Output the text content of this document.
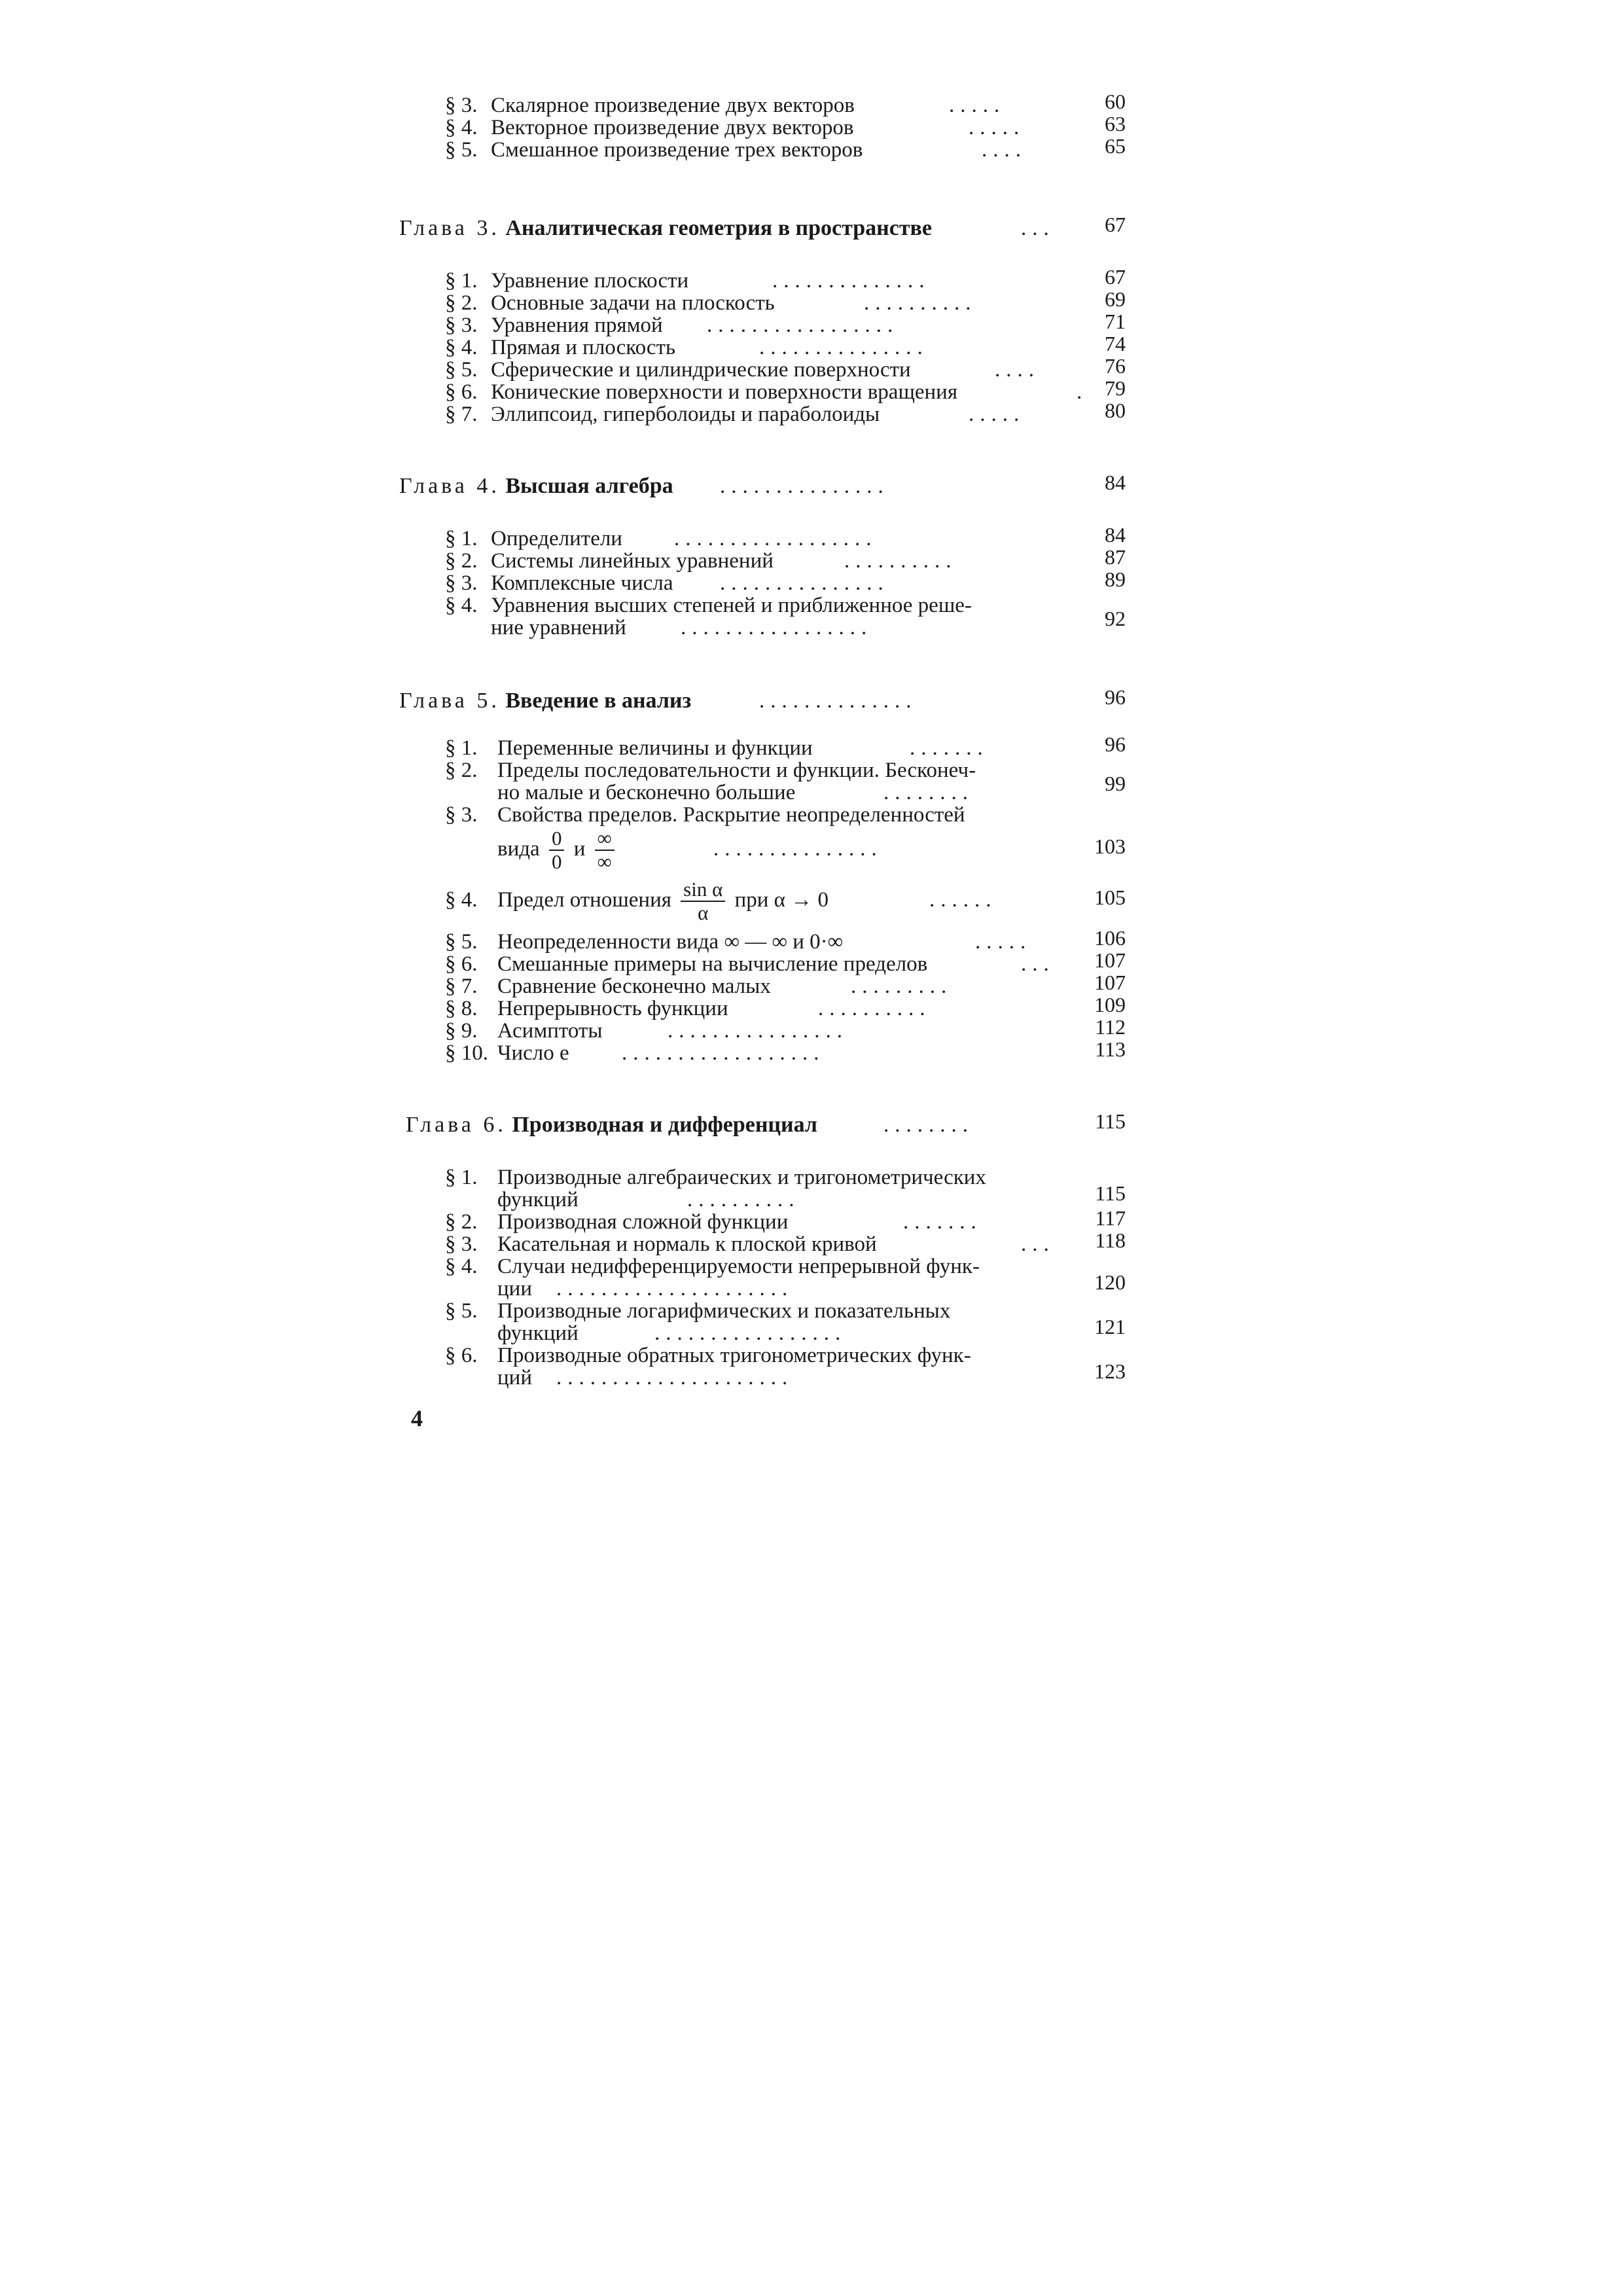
§ 3. Скалярное произведение двух векторов	.....	60
§ 4. Векторное произведение двух векторов	.....	63
§ 5. Смешанное произведение трех векторов	....	65
Глава 3. Аналитическая геометрия в пространстве	...	67
§ 1. Уравнение плоскости	..............	67
§ 2. Основные задачи на плоскость	..........	69
§ 3. Уравнения прямой .................	71
§ 4. Прямая и плоскость	...............	74
§ 5. Сферические и цилиндрические поверхности	....	76
§ 6. Конические поверхности и поверхности вращения	. 79
§ 7. Эллипсоид, гиперболоиды и параболоиды	.....	80
Глава 4. Высшая алгебра ...............	84
§ 1. Определители ..................	84
§ 2. Системы линейных уравнений	..........	87
§ 3. Комплексные числа ...............	89
§ 4. Уравнения высших степеней и приближенное реше-
ние уравнений	.................	92
Глава 5. Введение в анализ	..............	96
§ 1. Переменные величины и функции	.......	96
§ 2. Пределы последовательности и функции. Бесконеч-
но малые и бесконечно большие	........	99
§ 3. Свойства пределов. Раскрытие неопределенностей
вида $\frac{0}{0}$ и $\frac{\infty}{\infty}$	...............	103
§ 4. Предел отношения $\frac{\text{sin α}}{\alpha}$ при α → 0	......	105
§ 5. Неопределенности вида ∞ — ∞ и 0·∞	.....	106
§ 6. Смешанные примеры на вычисление пределов	...	107
§ 7. Сравнение бесконечно малых	.........	107
§ 8. Непрерывность функции	..........	109
§ 9. Асимптоты	................	112
§ 10. Число e ..................	113
Глава 6. Производная и дифференциал	........	115
§ 1. Производные алгебраических и тригонометрических
функций	..........	115
§ 2. Производная сложной функции	.......	117
§ 3. Касательная и нормаль к плоской кривой	...	118
§ 4. Случаи недифференцируемости непрерывной функ-
ции .....................	120
§ 5. Производные логарифмических и показательных
функций	.................	121
§ 6. Производные обратных тригонометрических функ-
ций .....................	123
4
